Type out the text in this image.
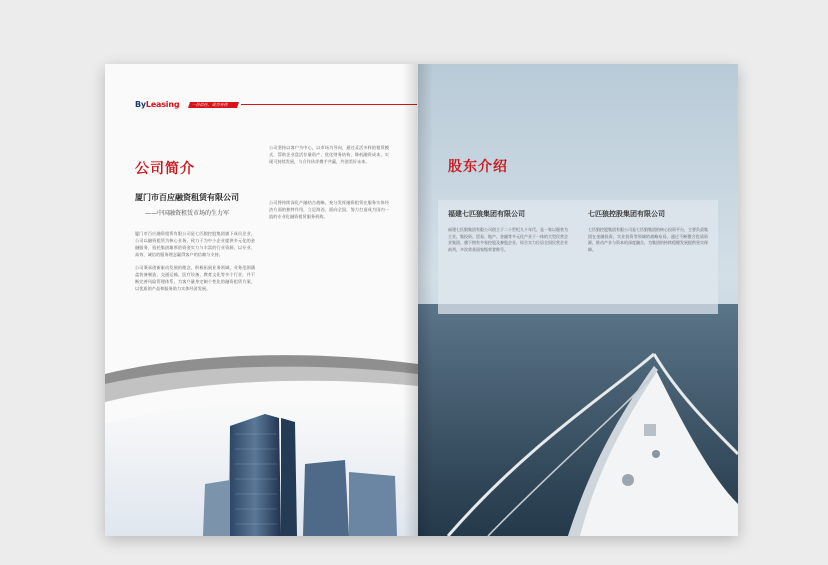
ByLeasing	一份信任，成功有你
公司简介
厦门市百应融资租赁有限公司
——中国融资租赁市场的生力军
厦门市百应融资租赁有限公司是七匹狼控股集团旗下成员企业，公司以融资租赁为核心业务，致力于为中小企业提供多元化的金融服务，依托集团雄厚的资金实力与丰富的行业资源，以专业、高效、诚信的服务理念赢得客户的信赖与支持。
公司秉承创新驱动发展的理念，积极拓展业务领域，业务范围涵盖装备制造、交通运输、医疗设备、教育文化等多个行业，并不断完善风险管理体系，为客户量身定制个性化的融资租赁方案，以优质的产品和服务助力实体经济发展。
公司坚持以客户为中心，以市场为导向，通过灵活多样的租赁模式，帮助企业盘活存量资产、优化财务结构、降低融资成本，实现可持续发展，与合作伙伴携手共赢，共创美好未来。
公司将持续深化产融结合战略，充分发挥融资租赁在服务实体经济方面的独特作用，立足海西、面向全国，努力打造成为国内一流的专业化融资租赁服务机构。
股东介绍
福建七匹狼集团有限公司
福建七匹狼集团有限公司创立于二十世纪九十年代，是一家以服装为主业，集投资、贸易、地产、金融等多元化产业于一体的大型民营企业集团，旗下拥有多家控股及参股企业，综合实力位居全国民营企业前列，多次荣获国家级荣誉称号。
七匹狼控股集团有限公司
七匹狼控股集团有限公司是七匹狼集团的核心投资平台，主要负责集团在金融投资、实业投资等领域的战略布局，通过不断整合优质资源，推动产业与资本的深度融合，为集团的持续稳健发展提供坚实保障。
